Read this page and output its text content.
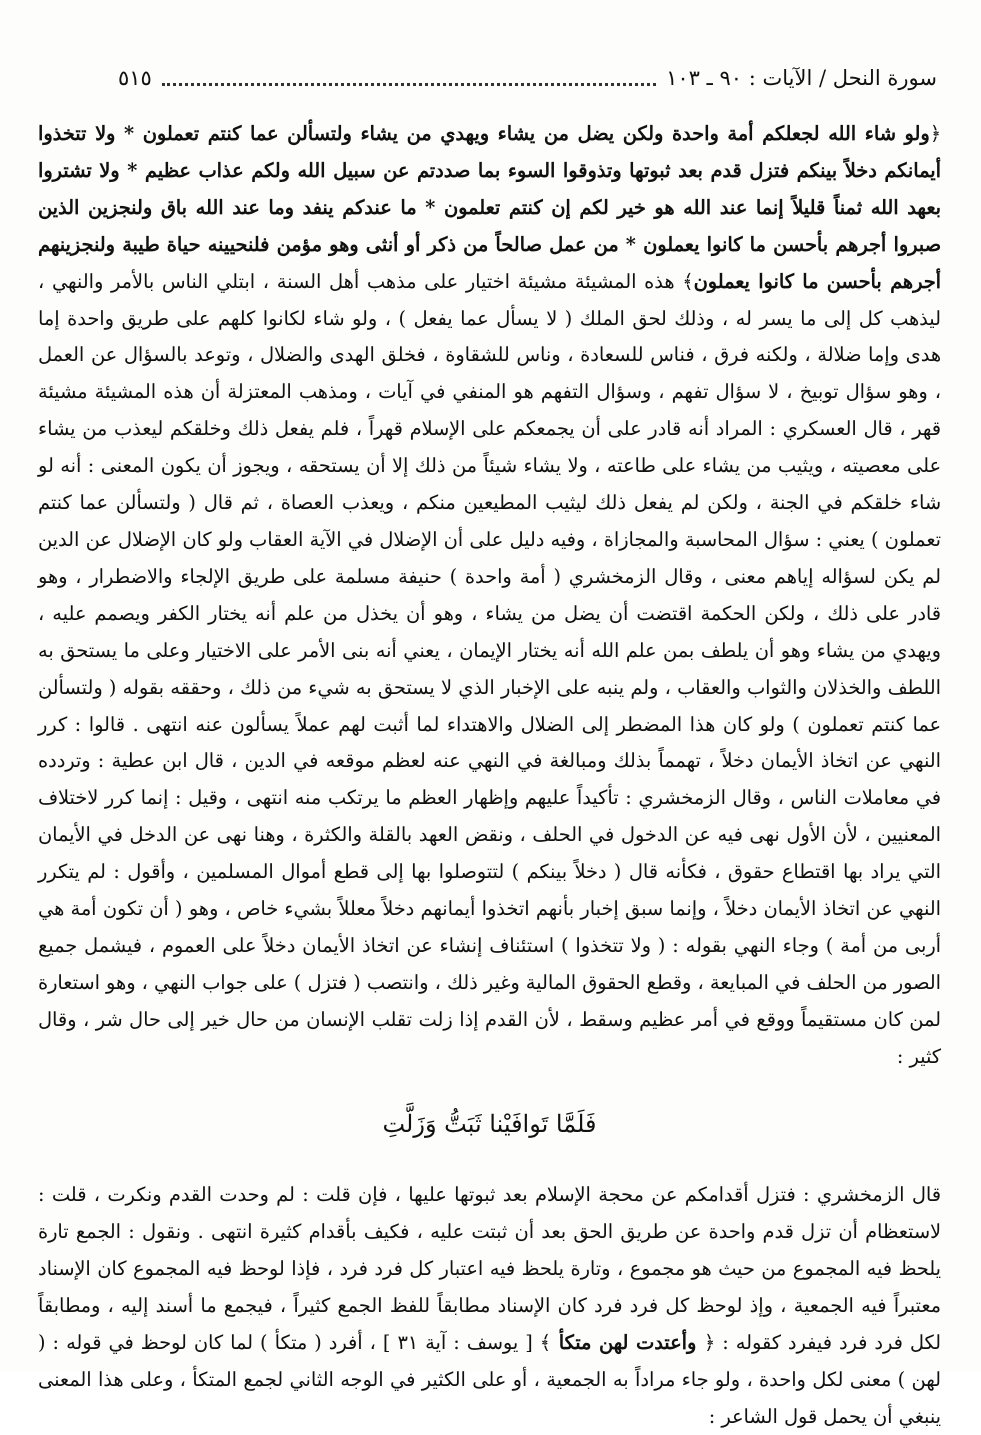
سورة النحل / الآيات : ٩٠ ـ ١٠٣
٥١٥

﴿ولو شاء الله لجعلكم أمة واحدة ولكن يضل من يشاء ويهدي من يشاء ولتسألن عما كنتم تعملون * ولا تتخذوا أيمانكم دخلاً بينكم فتزل قدم بعد ثبوتها وتذوقوا السوء بما صددتم عن سبيل الله ولكم عذاب عظيم * ولا تشتروا بعهد الله ثمناً قليلاً إنما عند الله هو خير لكم إن كنتم تعلمون * ما عندكم ينفد وما عند الله باق ولنجزين الذين صبروا أجرهم بأحسن ما كانوا يعملون * من عمل صالحاً من ذكر أو أنثى وهو مؤمن فلنحيينه حياة طيبة ولنجزينهم أجرهم بأحسن ما كانوا يعملون﴾ هذه المشيئة مشيئة اختيار على مذهب أهل السنة ، ابتلي الناس بالأمر والنهي ، ليذهب كل إلى ما يسر له ، وذلك لحق الملك ( لا يسأل عما يفعل ) ، ولو شاء لكانوا كلهم على طريق واحدة إما هدى وإما ضلالة ، ولكنه فرق ، فناس للسعادة ، وناس للشقاوة ، فخلق الهدى والضلال ، وتوعد بالسؤال عن العمل ، وهو سؤال توبيخ ، لا سؤال تفهم ، وسؤال التفهم هو المنفي في آيات ، ومذهب المعتزلة أن هذه المشيئة مشيئة قهر ، قال العسكري : المراد أنه قادر على أن يجمعكم على الإسلام قهراً ، فلم يفعل ذلك وخلقكم ليعذب من يشاء على معصيته ، ويثيب من يشاء على طاعته ، ولا يشاء شيئاً من ذلك إلا أن يستحقه ، ويجوز أن يكون المعنى : أنه لو شاء خلقكم في الجنة ، ولكن لم يفعل ذلك ليثيب المطيعين منكم ، ويعذب العصاة ، ثم قال ( ولتسألن عما كنتم تعملون ) يعني : سؤال المحاسبة والمجازاة ، وفيه دليل على أن الإضلال في الآية العقاب ولو كان الإضلال عن الدين لم يكن لسؤاله إياهم معنى ، وقال الزمخشري ( أمة واحدة ) حنيفة مسلمة على طريق الإلجاء والاضطرار ، وهو قادر على ذلك ، ولكن الحكمة اقتضت أن يضل من يشاء ، وهو أن يخذل من علم أنه يختار الكفر ويصمم عليه ، ويهدي من يشاء وهو أن يلطف بمن علم الله أنه يختار الإيمان ، يعني أنه بنى الأمر على الاختيار وعلى ما يستحق به اللطف والخذلان والثواب والعقاب ، ولم ينبه على الإخبار الذي لا يستحق به شيء من ذلك ، وحققه بقوله ( ولتسألن عما كنتم تعملون ) ولو كان هذا المضطر إلى الضلال والاهتداء لما أثبت لهم عملاً يسألون عنه انتهى . قالوا : كرر النهي عن اتخاذ الأيمان دخلاً ، تهمماً بذلك ومبالغة في النهي عنه لعظم موقعه في الدين ، قال ابن عطية : وتردده في معاملات الناس ، وقال الزمخشري : تأكيداً عليهم وإظهار العظم ما يرتكب منه انتهى ، وقيل : إنما كرر لاختلاف المعنيين ، لأن الأول نهى فيه عن الدخول في الحلف ، ونقض العهد بالقلة والكثرة ، وهنا نهى عن الدخل في الأيمان التي يراد بها اقتطاع حقوق ، فكأنه قال ( دخلاً بينكم ) لتتوصلوا بها إلى قطع أموال المسلمين ، وأقول : لم يتكرر النهي عن اتخاذ الأيمان دخلاً ، وإنما سبق إخبار بأنهم اتخذوا أيمانهم دخلاً معللاً بشيء خاص ، وهو ( أن تكون أمة هي أربى من أمة ) وجاء النهي بقوله : ( ولا تتخذوا ) استئناف إنشاء عن اتخاذ الأيمان دخلاً على العموم ، فيشمل جميع الصور من الحلف في المبايعة ، وقطع الحقوق المالية وغير ذلك ، وانتصب ( فتزل ) على جواب النهي ، وهو استعارة لمن كان مستقيماً ووقع في أمر عظيم وسقط ، لأن القدم إذا زلت تقلب الإنسان من حال خير إلى حال شر ، وقال كثير :

فَلَمَّا تَوافَيْنا ثَبَتُّ وَزَلَّتِ

قال الزمخشري : فتزل أقدامكم عن محجة الإسلام بعد ثبوتها عليها ، فإن قلت : لم وحدت القدم ونكرت ، قلت : لاستعظام أن تزل قدم واحدة عن طريق الحق بعد أن ثبتت عليه ، فكيف بأقدام كثيرة انتهى . ونقول : الجمع تارة يلحظ فيه المجموع من حيث هو مجموع ، وتارة يلحظ فيه اعتبار كل فرد فرد ، فإذا لوحظ فيه المجموع كان الإسناد معتبراً فيه الجمعية ، وإذ لوحظ كل فرد فرد كان الإسناد مطابقاً للفظ الجمع كثيراً ، فيجمع ما أسند إليه ، ومطابقاً لكل فرد فرد فيفرد كقوله : ﴿ وأعتدت لهن متكأ ﴾ [ يوسف : آية ٣١ ] ، أفرد ( متكأ ) لما كان لوحظ في قوله : ( لهن ) معنى لكل واحدة ، ولو جاء مراداً به الجمعية ، أو على الكثير في الوجه الثاني لجمع المتكأ ، وعلى هذا المعنى ينبغي أن يحمل قول الشاعر :
